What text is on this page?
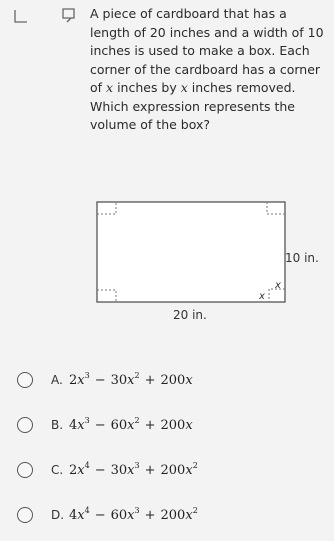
A piece of cardboard that has a
length of 20 inches and a width of 10
inches is used to make a box. Each
corner of the cardboard has a corner
of x inches by x inches removed.
Which expression represents the
volume of the box?
10 in.
x
x
20 in.
A. $2x^3 - 30x^2 + 200x$
B. $4x^3 - 60x^2 + 200x$
C. $2x^4 - 30x^3 + 200x^2$
D. $4x^4 - 60x^3 + 200x^2$
